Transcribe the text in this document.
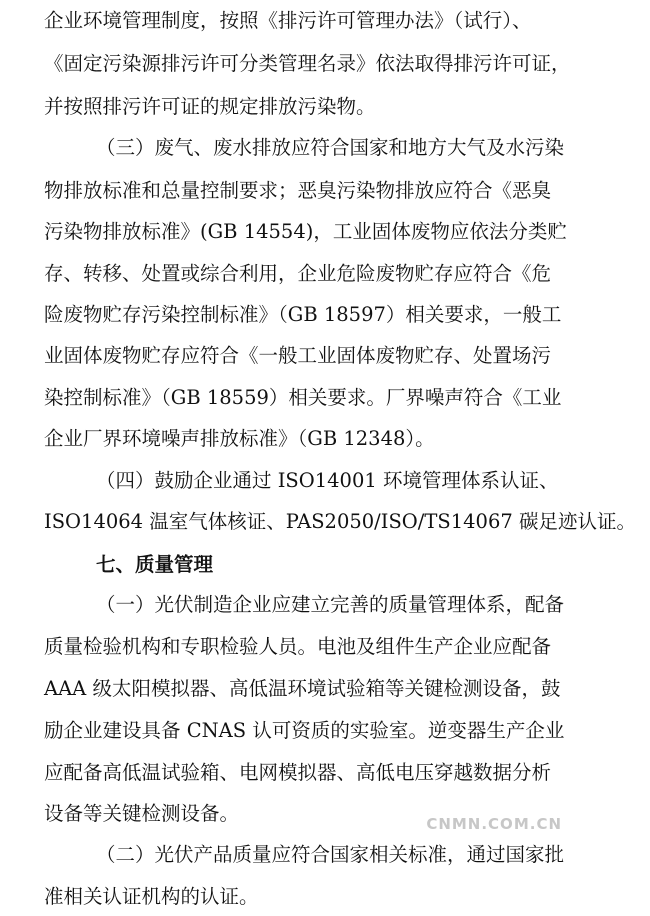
企业环境管理制度，按照《排污许可管理办法》（试行）、
《固定污染源排污许可分类管理名录》依法取得排污许可证，
并按照排污许可证的规定排放污染物。
（三）废气、废水排放应符合国家和地方大气及水污染
物排放标准和总量控制要求；恶臭污染物排放应符合《恶臭
污染物排放标准》(GB 14554)，工业固体废物应依法分类贮
存、转移、处置或综合利用，企业危险废物贮存应符合《危
险废物贮存污染控制标准》（GB 18597）相关要求，一般工
业固体废物贮存应符合《一般工业固体废物贮存、处置场污
染控制标准》（GB 18559）相关要求。厂界噪声符合《工业
企业厂界环境噪声排放标准》（GB 12348）。
（四）鼓励企业通过 ISO14001 环境管理体系认证、
ISO14064 温室气体核证、PAS2050/ISO/TS14067 碳足迹认证。
七、质量管理
（一）光伏制造企业应建立完善的质量管理体系，配备
质量检验机构和专职检验人员。电池及组件生产企业应配备
AAA 级太阳模拟器、高低温环境试验箱等关键检测设备，鼓
励企业建设具备 CNAS 认可资质的实验室。逆变器生产企业
应配备高低温试验箱、电网模拟器、高低电压穿越数据分析
设备等关键检测设备。
（二）光伏产品质量应符合国家相关标准，通过国家批
准相关认证机构的认证。
CNMN.COM.CN
